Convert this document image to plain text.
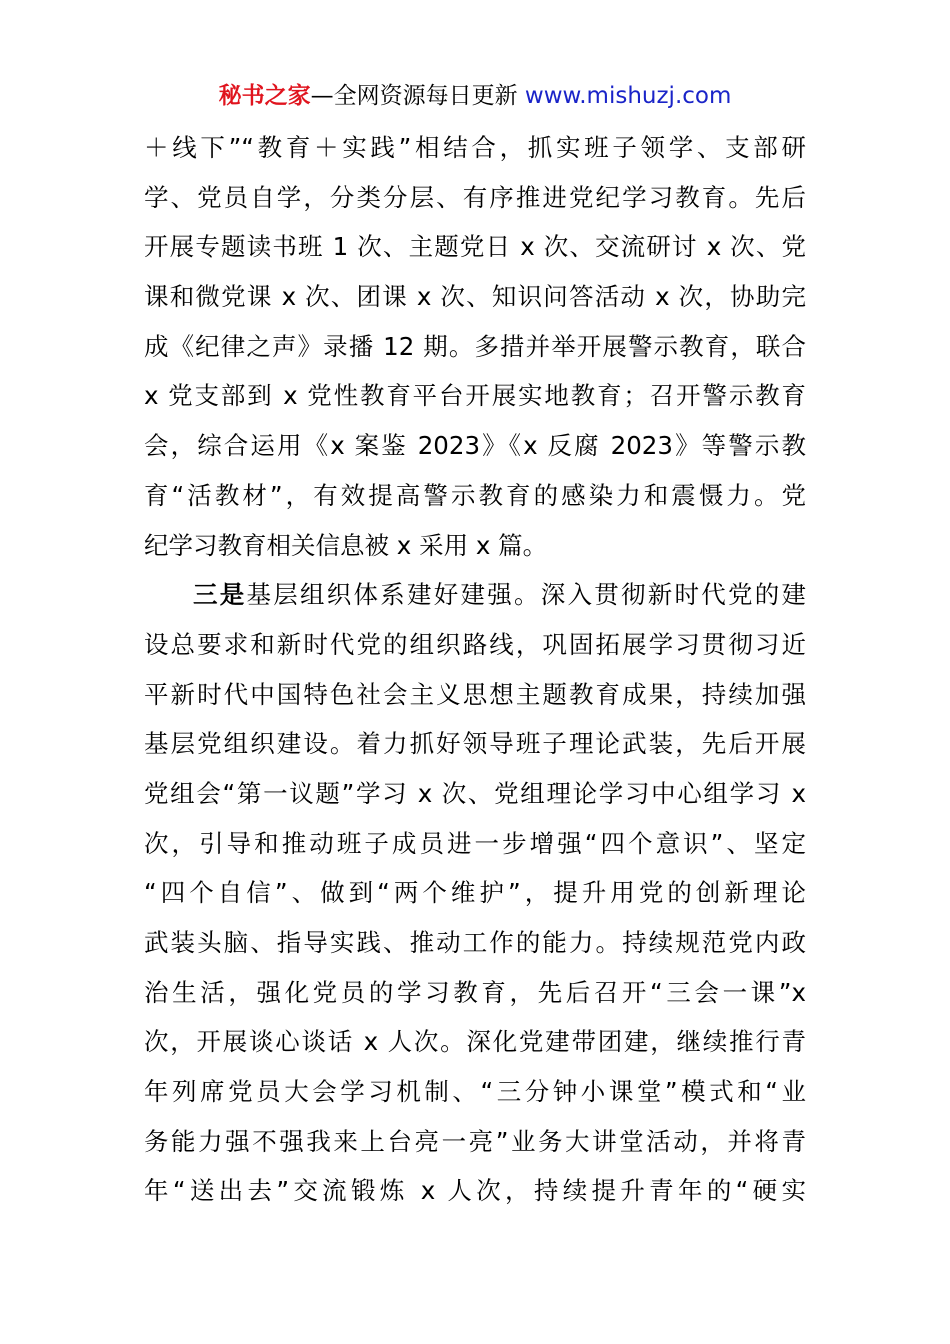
秘书之家—全网资源每日更新 www.mishuzj.com
＋线下”“教育＋实践”相结合，抓实班子领学、支部研
学、党员自学，分类分层、有序推进党纪学习教育。先后
开展专题读书班 1 次、主题党日 x 次、交流研讨 x 次、党
课和微党课 x 次、团课 x 次、知识问答活动 x 次，协助完
成《纪律之声》录播 12 期。多措并举开展警示教育，联合
x 党支部到 x 党性教育平台开展实地教育；召开警示教育
会，综合运用《x 案鉴 2023》《x 反腐 2023》等警示教
育“活教材”，有效提高警示教育的感染力和震慑力。党
纪学习教育相关信息被 x 采用 x 篇。
三是基层组织体系建好建强。深入贯彻新时代党的建
设总要求和新时代党的组织路线，巩固拓展学习贯彻习近
平新时代中国特色社会主义思想主题教育成果，持续加强
基层党组织建设。着力抓好领导班子理论武装，先后开展
党组会“第一议题”学习 x 次、党组理论学习中心组学习 x
次，引导和推动班子成员进一步增强“四个意识”、坚定
“四个自信”、做到“两个维护”，提升用党的创新理论
武装头脑、指导实践、推动工作的能力。持续规范党内政
治生活，强化党员的学习教育，先后召开“三会一课”x
次，开展谈心谈话 x 人次。深化党建带团建，继续推行青
年列席党员大会学习机制、“三分钟小课堂”模式和“业
务能力强不强我来上台亮一亮”业务大讲堂活动，并将青
年“送出去”交流锻炼 x 人次，持续提升青年的“硬实
